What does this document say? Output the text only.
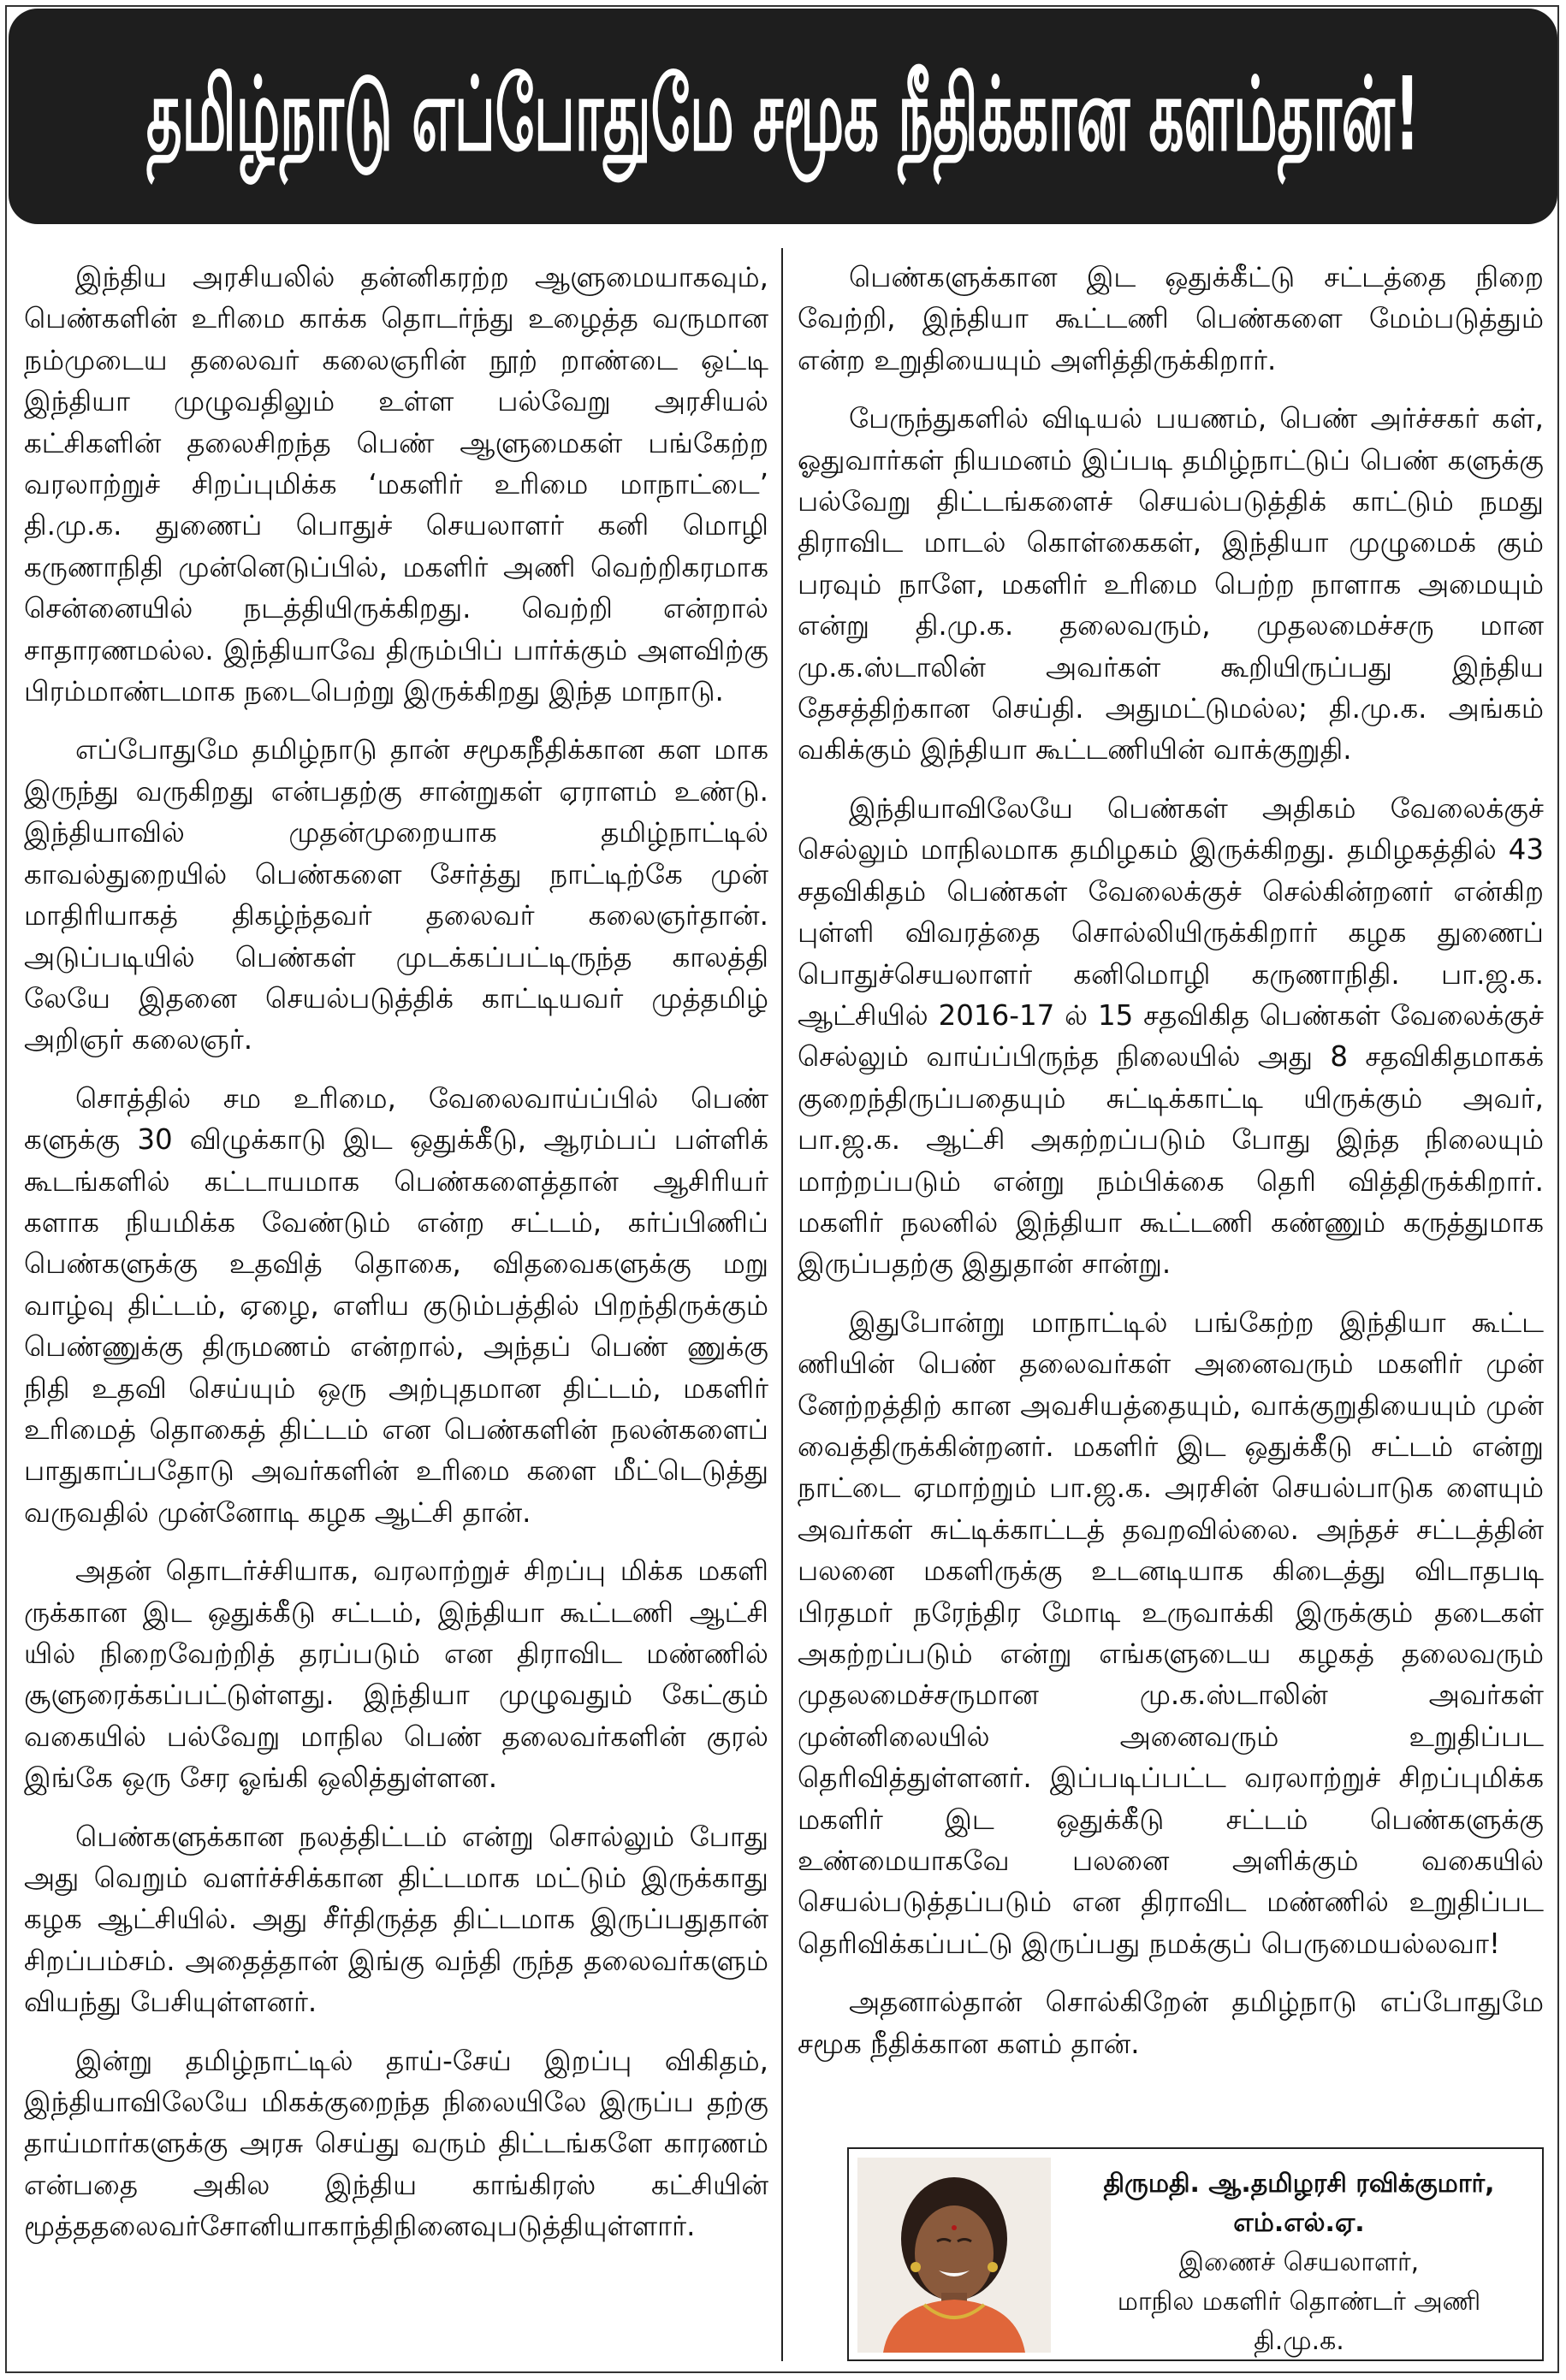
தமிழ்நாடு எப்போதுமே சமூக நீதிக்கான களம்தான்!

இந்திய அரசியலில் தன்னிகரற்ற ஆளுமையாகவும், பெண்களின் உரிமை காக்க தொடர்ந்து உழைத்த வருமான நம்முடைய தலைவர் கலைஞரின் நூற் றாண்டை ஒட்டி இந்தியா முழுவதிலும் உள்ள பல்வேறு அரசியல் கட்சிகளின் தலைசிறந்த பெண் ஆளுமைகள் பங்கேற்ற வரலாற்றுச் சிறப்புமிக்க ‘மகளிர் உரிமை மாநாட்டை’ தி.மு.க. துணைப் பொதுச் செயலாளர் கனி மொழி கருணாநிதி முன்னெடுப்பில், மகளிர் அணி வெற்றிகரமாக சென்னையில் நடத்தியிருக்கிறது. வெற்றி என்றால் சாதாரணமல்ல. இந்தியாவே திரும்பிப் பார்க்கும் அளவிற்கு பிரம்மாண்டமாக நடைபெற்று இருக்கிறது இந்த மாநாடு.

எப்போதுமே தமிழ்நாடு தான் சமூகநீதிக்கான கள மாக இருந்து வருகிறது என்பதற்கு சான்றுகள் ஏராளம் உண்டு. இந்தியாவில் முதன்முறையாக தமிழ்நாட்டில் காவல்துறையில் பெண்களை சேர்த்து நாட்டிற்கே முன் மாதிரியாகத் திகழ்ந்தவர் தலைவர் கலைஞர்தான். அடுப்படியில் பெண்கள் முடக்கப்பட்டிருந்த காலத்தி லேயே இதனை செயல்படுத்திக் காட்டியவர் முத்தமிழ் அறிஞர் கலைஞர்.

சொத்தில் சம உரிமை, வேலைவாய்ப்பில் பெண் களுக்கு 30 விழுக்காடு இட ஒதுக்கீடு, ஆரம்பப் பள்ளிக் கூடங்களில் கட்டாயமாக பெண்களைத்தான் ஆசிரியர் களாக நியமிக்க வேண்டும் என்ற சட்டம், கர்ப்பிணிப் பெண்களுக்கு உதவித் தொகை, விதவைகளுக்கு மறு வாழ்வு திட்டம், ஏழை, எளிய குடும்பத்தில் பிறந்திருக்கும் பெண்ணுக்கு திருமணம் என்றால், அந்தப் பெண் ணுக்கு நிதி உதவி செய்யும் ஒரு அற்புதமான திட்டம், மகளிர் உரிமைத் தொகைத் திட்டம் என பெண்களின் நலன்களைப் பாதுகாப்பதோடு அவர்களின் உரிமை களை மீட்டெடுத்து வருவதில் முன்னோடி கழக ஆட்சி தான்.

அதன் தொடர்ச்சியாக, வரலாற்றுச் சிறப்பு மிக்க மகளி ருக்கான இட ஒதுக்கீடு சட்டம், இந்தியா கூட்டணி ஆட்சி யில் நிறைவேற்றித் தரப்படும் என திராவிட மண்ணில் சூளுரைக்கப்பட்டுள்ளது. இந்தியா முழுவதும் கேட்கும் வகையில் பல்வேறு மாநில பெண் தலைவர்களின் குரல் இங்கே ஒரு சேர ஓங்கி ஒலித்துள்ளன.

பெண்களுக்கான நலத்திட்டம் என்று சொல்லும் போது அது வெறும் வளர்ச்சிக்கான திட்டமாக மட்டும் இருக்காது கழக ஆட்சியில். அது சீர்திருத்த திட்டமாக இருப்பதுதான் சிறப்பம்சம். அதைத்தான் இங்கு வந்தி ருந்த தலைவர்களும் வியந்து பேசியுள்ளனர்.

இன்று தமிழ்நாட்டில் தாய்-சேய் இறப்பு விகிதம், இந்தியாவிலேயே மிகக்குறைந்த நிலையிலே இருப்ப தற்கு தாய்மார்களுக்கு அரசு செய்து வரும் திட்டங்களே காரணம் என்பதை அகில இந்திய காங்கிரஸ் கட்சியின் மூத்ததலைவர்சோனியாகாந்திநினைவுபடுத்தியுள்ளார்.

பெண்களுக்கான இட ஒதுக்கீட்டு சட்டத்தை நிறை வேற்றி, இந்தியா கூட்டணி பெண்களை மேம்படுத்தும் என்ற உறுதியையும் அளித்திருக்கிறார்.

பேருந்துகளில் விடியல் பயணம், பெண் அர்ச்சகர் கள், ஓதுவார்கள் நியமனம் இப்படி தமிழ்நாட்டுப் பெண் களுக்கு பல்வேறு திட்டங்களைச் செயல்படுத்திக் காட்டும் நமது திராவிட மாடல் கொள்கைகள், இந்தியா முழுமைக் கும் பரவும் நாளே, மகளிர் உரிமை பெற்ற நாளாக அமையும் என்று தி.மு.க. தலைவரும், முதலமைச்சரு மான மு.க.ஸ்டாலின் அவர்கள் கூறியிருப்பது இந்திய தேசத்திற்கான செய்தி. அதுமட்டுமல்ல; தி.மு.க. அங்கம் வகிக்கும் இந்தியா கூட்டணியின் வாக்குறுதி.

இந்தியாவிலேயே பெண்கள் அதிகம் வேலைக்குச் செல்லும் மாநிலமாக தமிழகம் இருக்கிறது. தமிழகத்தில் 43 சதவிகிதம் பெண்கள் வேலைக்குச் செல்கின்றனர் என்கிற புள்ளி விவரத்தை சொல்லியிருக்கிறார் கழக துணைப் பொதுச்செயலாளர் கனிமொழி கருணாநிதி. பா.ஜ.க. ஆட்சியில் 2016-17 ல் 15 சதவிகித பெண்கள் வேலைக்குச் செல்லும் வாய்ப்பிருந்த நிலையில் அது 8 சதவிகிதமாகக் குறைந்திருப்பதையும் சுட்டிக்காட்டி யிருக்கும் அவர், பா.ஜ.க. ஆட்சி அகற்றப்படும் போது இந்த நிலையும் மாற்றப்படும் என்று நம்பிக்கை தெரி வித்திருக்கிறார். மகளிர் நலனில் இந்தியா கூட்டணி கண்ணும் கருத்துமாக இருப்பதற்கு இதுதான் சான்று.

இதுபோன்று மாநாட்டில் பங்கேற்ற இந்தியா கூட்ட ணியின் பெண் தலைவர்கள் அனைவரும் மகளிர் முன் னேற்றத்திற் கான அவசியத்தையும், வாக்குறுதியையும் முன் வைத்திருக்கின்றனர். மகளிர் இட ஒதுக்கீடு சட்டம் என்று நாட்டை ஏமாற்றும் பா.ஜ.க. அரசின் செயல்பாடுக ளையும் அவர்கள் சுட்டிக்காட்டத் தவறவில்லை. அந்தச் சட்டத்தின் பலனை மகளிருக்கு உடனடியாக கிடைத்து விடாதபடி பிரதமர் நரேந்திர மோடி உருவாக்கி இருக்கும் தடைகள் அகற்றப்படும் என்று எங்களுடைய கழகத் தலைவரும் முதலமைச்சருமான மு.க.ஸ்டாலின் அவர்கள் முன்னிலையில் அனைவரும் உறுதிப்பட தெரிவித்துள்ளனர். இப்படிப்பட்ட வரலாற்றுச் சிறப்புமிக்க மகளிர் இட ஒதுக்கீடு சட்டம் பெண்களுக்கு உண்மையாகவே பலனை அளிக்கும் வகையில் செயல்படுத்தப்படும் என திராவிட மண்ணில் உறுதிப்பட தெரிவிக்கப்பட்டு இருப்பது நமக்குப் பெருமையல்லவா!

அதனால்தான் சொல்கிறேன் தமிழ்நாடு எப்போதுமே சமூக நீதிக்கான களம் தான்.

திருமதி. ஆ.தமிழரசி ரவிக்குமார், எம்.எல்.ஏ.
இணைச் செயலாளர்,
மாநில மகளிர் தொண்டர் அணி
தி.மு.க.
